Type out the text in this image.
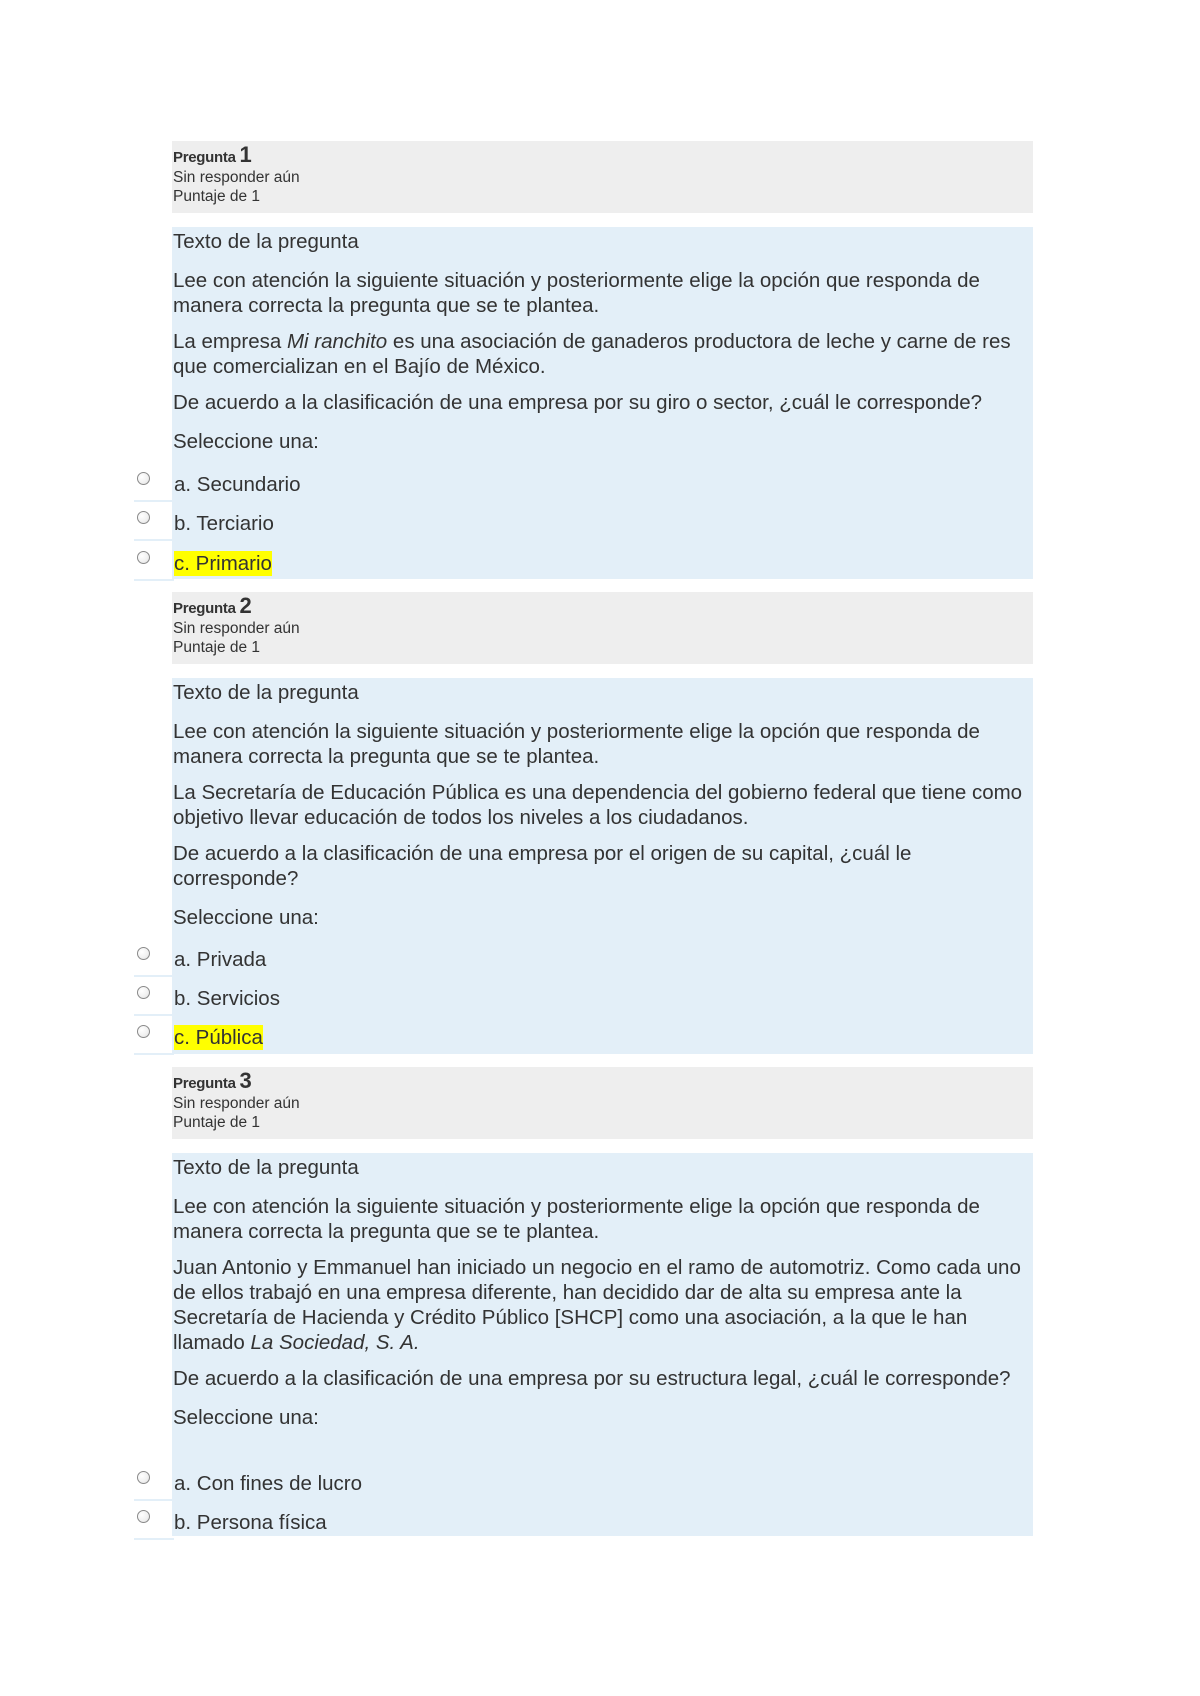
Pregunta 1
Sin responder aún
Puntaje de 1

Texto de la pregunta

Lee con atención la siguiente situación y posteriormente elige la opción que responda de manera correcta la pregunta que se te plantea.

La empresa Mi ranchito es una asociación de ganaderos productora de leche y carne de res que comercializan en el Bajío de México.

De acuerdo a la clasificación de una empresa por su giro o sector, ¿cuál le corresponde?

Seleccione una:

a. Secundario
b. Terciario
c. Primario
Pregunta 2
Sin responder aún
Puntaje de 1

Texto de la pregunta

Lee con atención la siguiente situación y posteriormente elige la opción que responda de manera correcta la pregunta que se te plantea.

La Secretaría de Educación Pública es una dependencia del gobierno federal que tiene como objetivo llevar educación de todos los niveles a los ciudadanos.

De acuerdo a la clasificación de una empresa por el origen de su capital, ¿cuál le corresponde?

Seleccione una:

a. Privada
b. Servicios
c. Pública
Pregunta 3
Sin responder aún
Puntaje de 1

Texto de la pregunta

Lee con atención la siguiente situación y posteriormente elige la opción que responda de manera correcta la pregunta que se te plantea.

Juan Antonio y Emmanuel han iniciado un negocio en el ramo de automotriz. Como cada uno de ellos trabajó en una empresa diferente, han decidido dar de alta su empresa ante la Secretaría de Hacienda y Crédito Público [SHCP] como una asociación, a la que le han llamado La Sociedad, S. A.

De acuerdo a la clasificación de una empresa por su estructura legal, ¿cuál le corresponde?

Seleccione una:

a. Con fines de lucro
b. Persona física
